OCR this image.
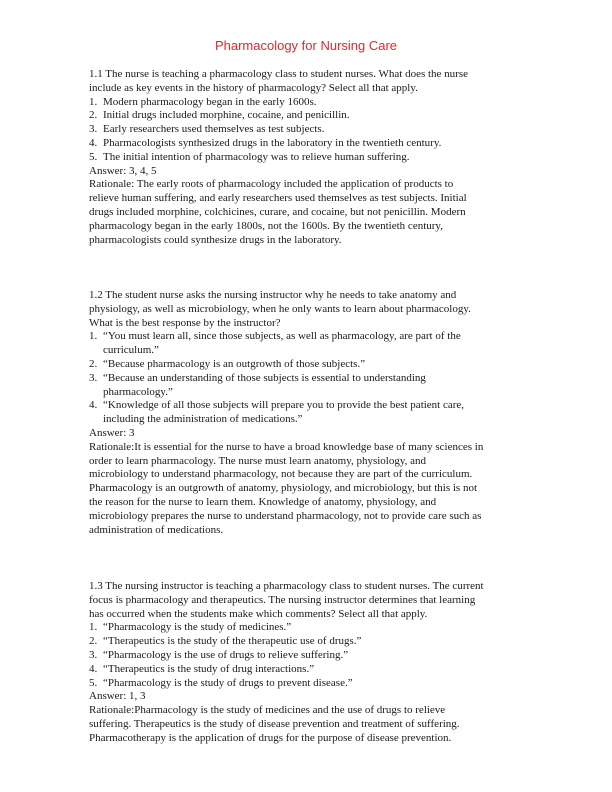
Pharmacology for Nursing Care
1.1 The nurse is teaching a pharmacology class to student nurses. What does the nurse
include as key events in the history of pharmacology? Select all that apply.
1. Modern pharmacology began in the early 1600s.
2. Initial drugs included morphine, cocaine, and penicillin.
3. Early researchers used themselves as test subjects.
4. Pharmacologists synthesized drugs in the laboratory in the twentieth century.
5. The initial intention of pharmacology was to relieve human suffering.
Answer: 3, 4, 5
Rationale: The early roots of pharmacology included the application of products to
relieve human suffering, and early researchers used themselves as test subjects. Initial
drugs included morphine, colchicines, curare, and cocaine, but not penicillin. Modern
pharmacology began in the early 1800s, not the 1600s. By the twentieth century,
pharmacologists could synthesize drugs in the laboratory.
1.2 The student nurse asks the nursing instructor why he needs to take anatomy and
physiology, as well as microbiology, when he only wants to learn about pharmacology.
What is the best response by the instructor?
1. “You must learn all, since those subjects, as well as pharmacology, are part of the
curriculum.”
2. “Because pharmacology is an outgrowth of those subjects.”
3. “Because an understanding of those subjects is essential to understanding
pharmacology.”
4. “Knowledge of all those subjects will prepare you to provide the best patient care,
including the administration of medications.”
Answer: 3
Rationale:It is essential for the nurse to have a broad knowledge base of many sciences in
order to learn pharmacology. The nurse must learn anatomy, physiology, and
microbiology to understand pharmacology, not because they are part of the curriculum.
Pharmacology is an outgrowth of anatomy, physiology, and microbiology, but this is not
the reason for the nurse to learn them. Knowledge of anatomy, physiology, and
microbiology prepares the nurse to understand pharmacology, not to provide care such as
administration of medications.
1.3 The nursing instructor is teaching a pharmacology class to student nurses. The current
focus is pharmacology and therapeutics. The nursing instructor determines that learning
has occurred when the students make which comments? Select all that apply.
1. “Pharmacology is the study of medicines.”
2. “Therapeutics is the study of the therapeutic use of drugs.”
3. “Pharmacology is the use of drugs to relieve suffering.”
4. “Therapeutics is the study of drug interactions.”
5. “Pharmacology is the study of drugs to prevent disease.”
Answer: 1, 3
Rationale:Pharmacology is the study of medicines and the use of drugs to relieve
suffering. Therapeutics is the study of disease prevention and treatment of suffering.
Pharmacotherapy is the application of drugs for the purpose of disease prevention.
